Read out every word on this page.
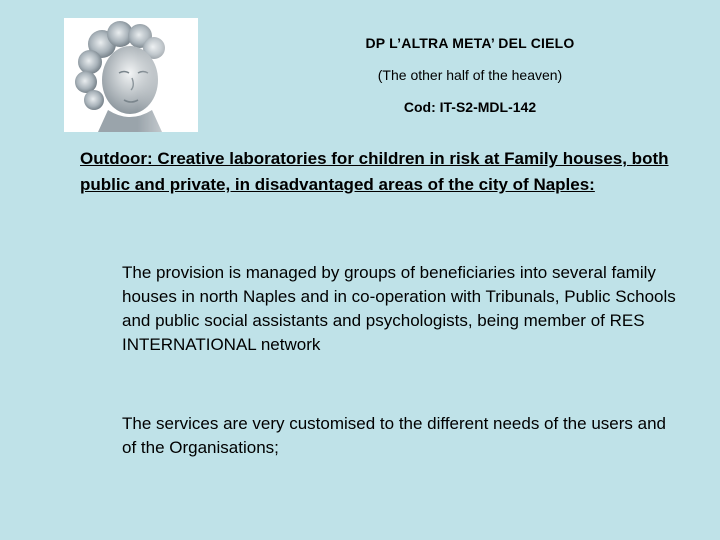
DP L’ALTRA META’ DEL CIELO
(The other half of the heaven)
Cod: IT-S2-MDL-142
Outdoor: Creative laboratories for children in risk at Family houses, both public and private, in disadvantaged areas of the city of Naples:
The provision is managed by groups of beneficiaries into several family houses in north Naples and in co-operation with Tribunals, Public Schools and public social assistants and psychologists, being member of RES INTERNATIONAL network
The services are very customised to the different needs of the users and of the Organisations;
